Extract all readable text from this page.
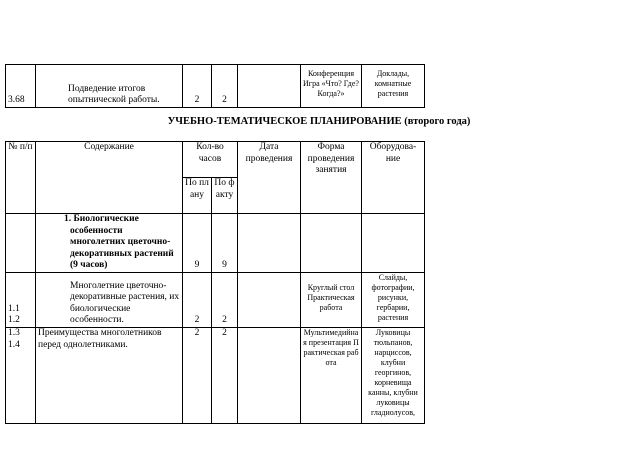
3.68	Подведение итогов опытнической работы.	2	2		Конференция Игра «Что? Где? Когда?»	Доклады, комнатные растения
УЧЕБНО-ТЕМАТИЧЕСКОЕ ПЛАНИРОВАНИЕ (второго года)
№ п/п	Содержание	Кол-во часов		Дата проведения	Форма проведения занятия	Оборудова-ние
		По плану	По факту			
	1. Биологические особенности многолетних цветочно-декоративных растений (9 часов)	9	9			
1.1 1.2	Многолетние цветочно-декоративные растения, их биологические особенности.	2	2		Круглый стол Практическая работа	Слайды, фотографии, рисунки, гербарии, растения
1.3 1.4	Преимущества многолетников перед однолетниками.	2	2		Мультимедийная презентация Практическая работа	Луковицы тюльпанов, нарциссов, клубни георгинов, корневища канны, клубни луковицы гладиолусов,
